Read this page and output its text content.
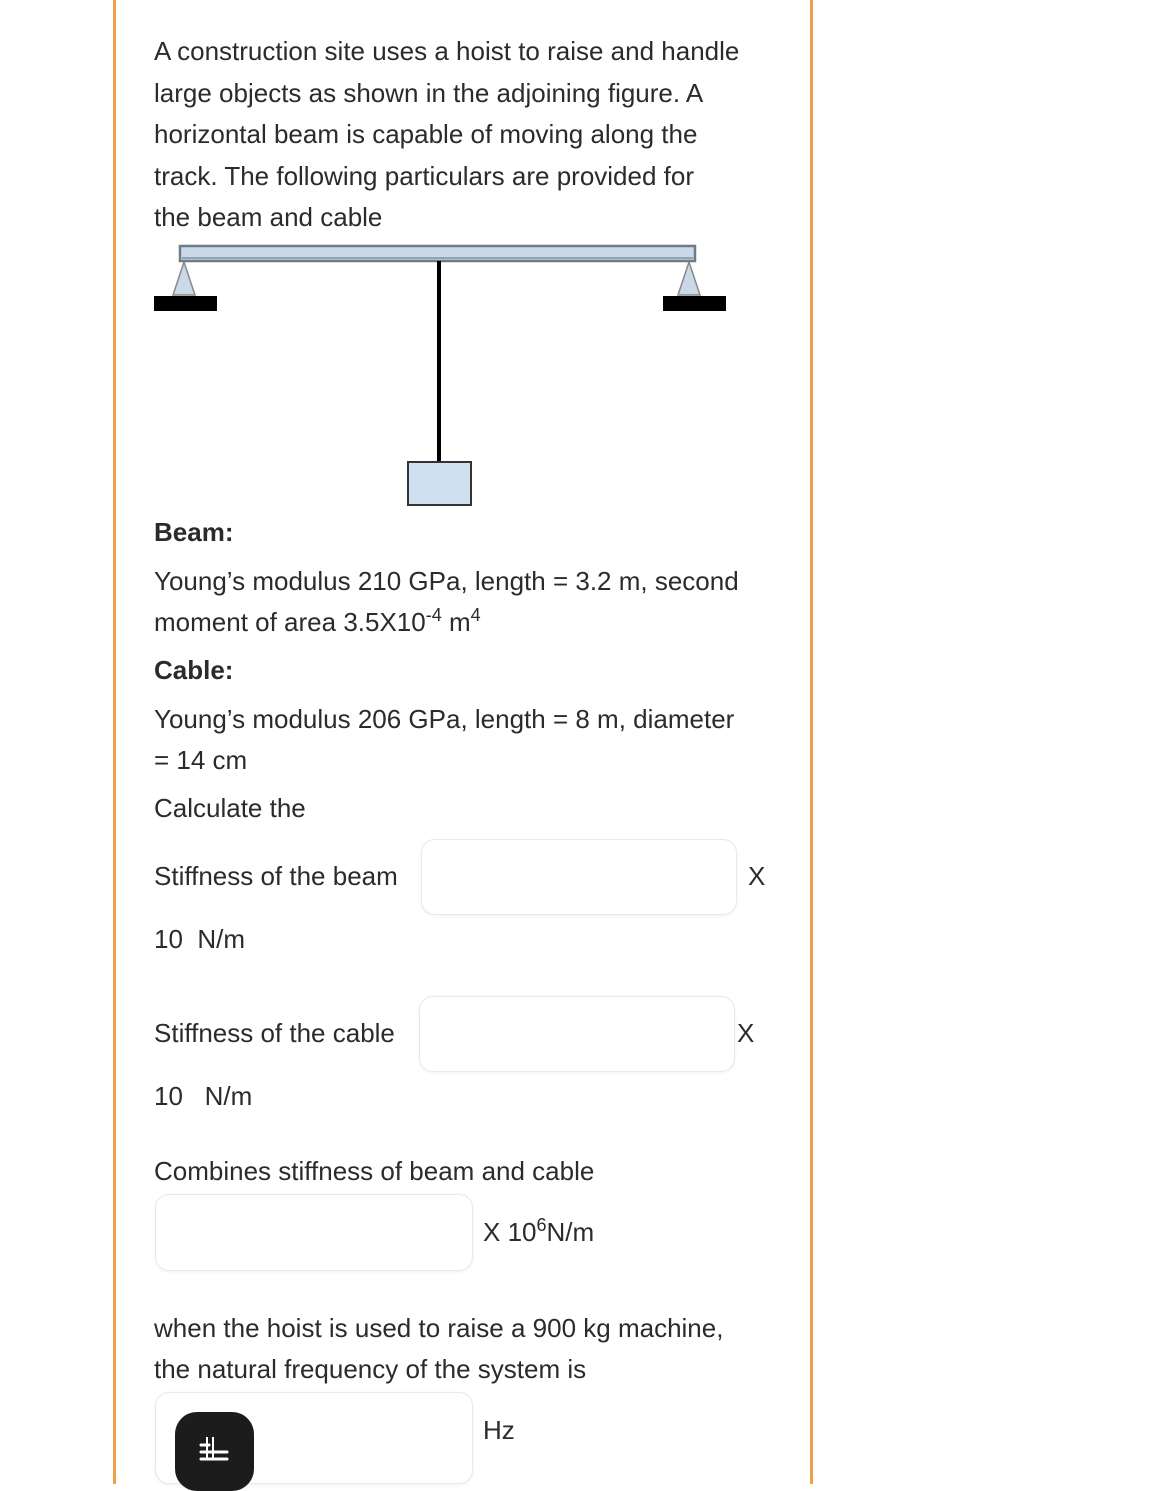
A construction site uses a hoist to raise and handle
large objects as shown in the adjoining figure. A
horizontal beam is capable of moving along the
track. The following particulars are provided for
the beam and cable
Beam:
Young’s modulus 210 GPa, length = 3.2 m, second
moment of area $3.5X10^{-4}$ $m^4$
Cable:
Young’s modulus 206 GPa, length = 8 m, diameter
= 14 cm
Calculate the
Stiffness of the beam	X
10  N/m
Stiffness of the cable	X
10   N/m
Combines stiffness of beam and cable
X $10^6N/m$
when the hoist is used to raise a 900 kg machine,
the natural frequency of the system is
Hz
